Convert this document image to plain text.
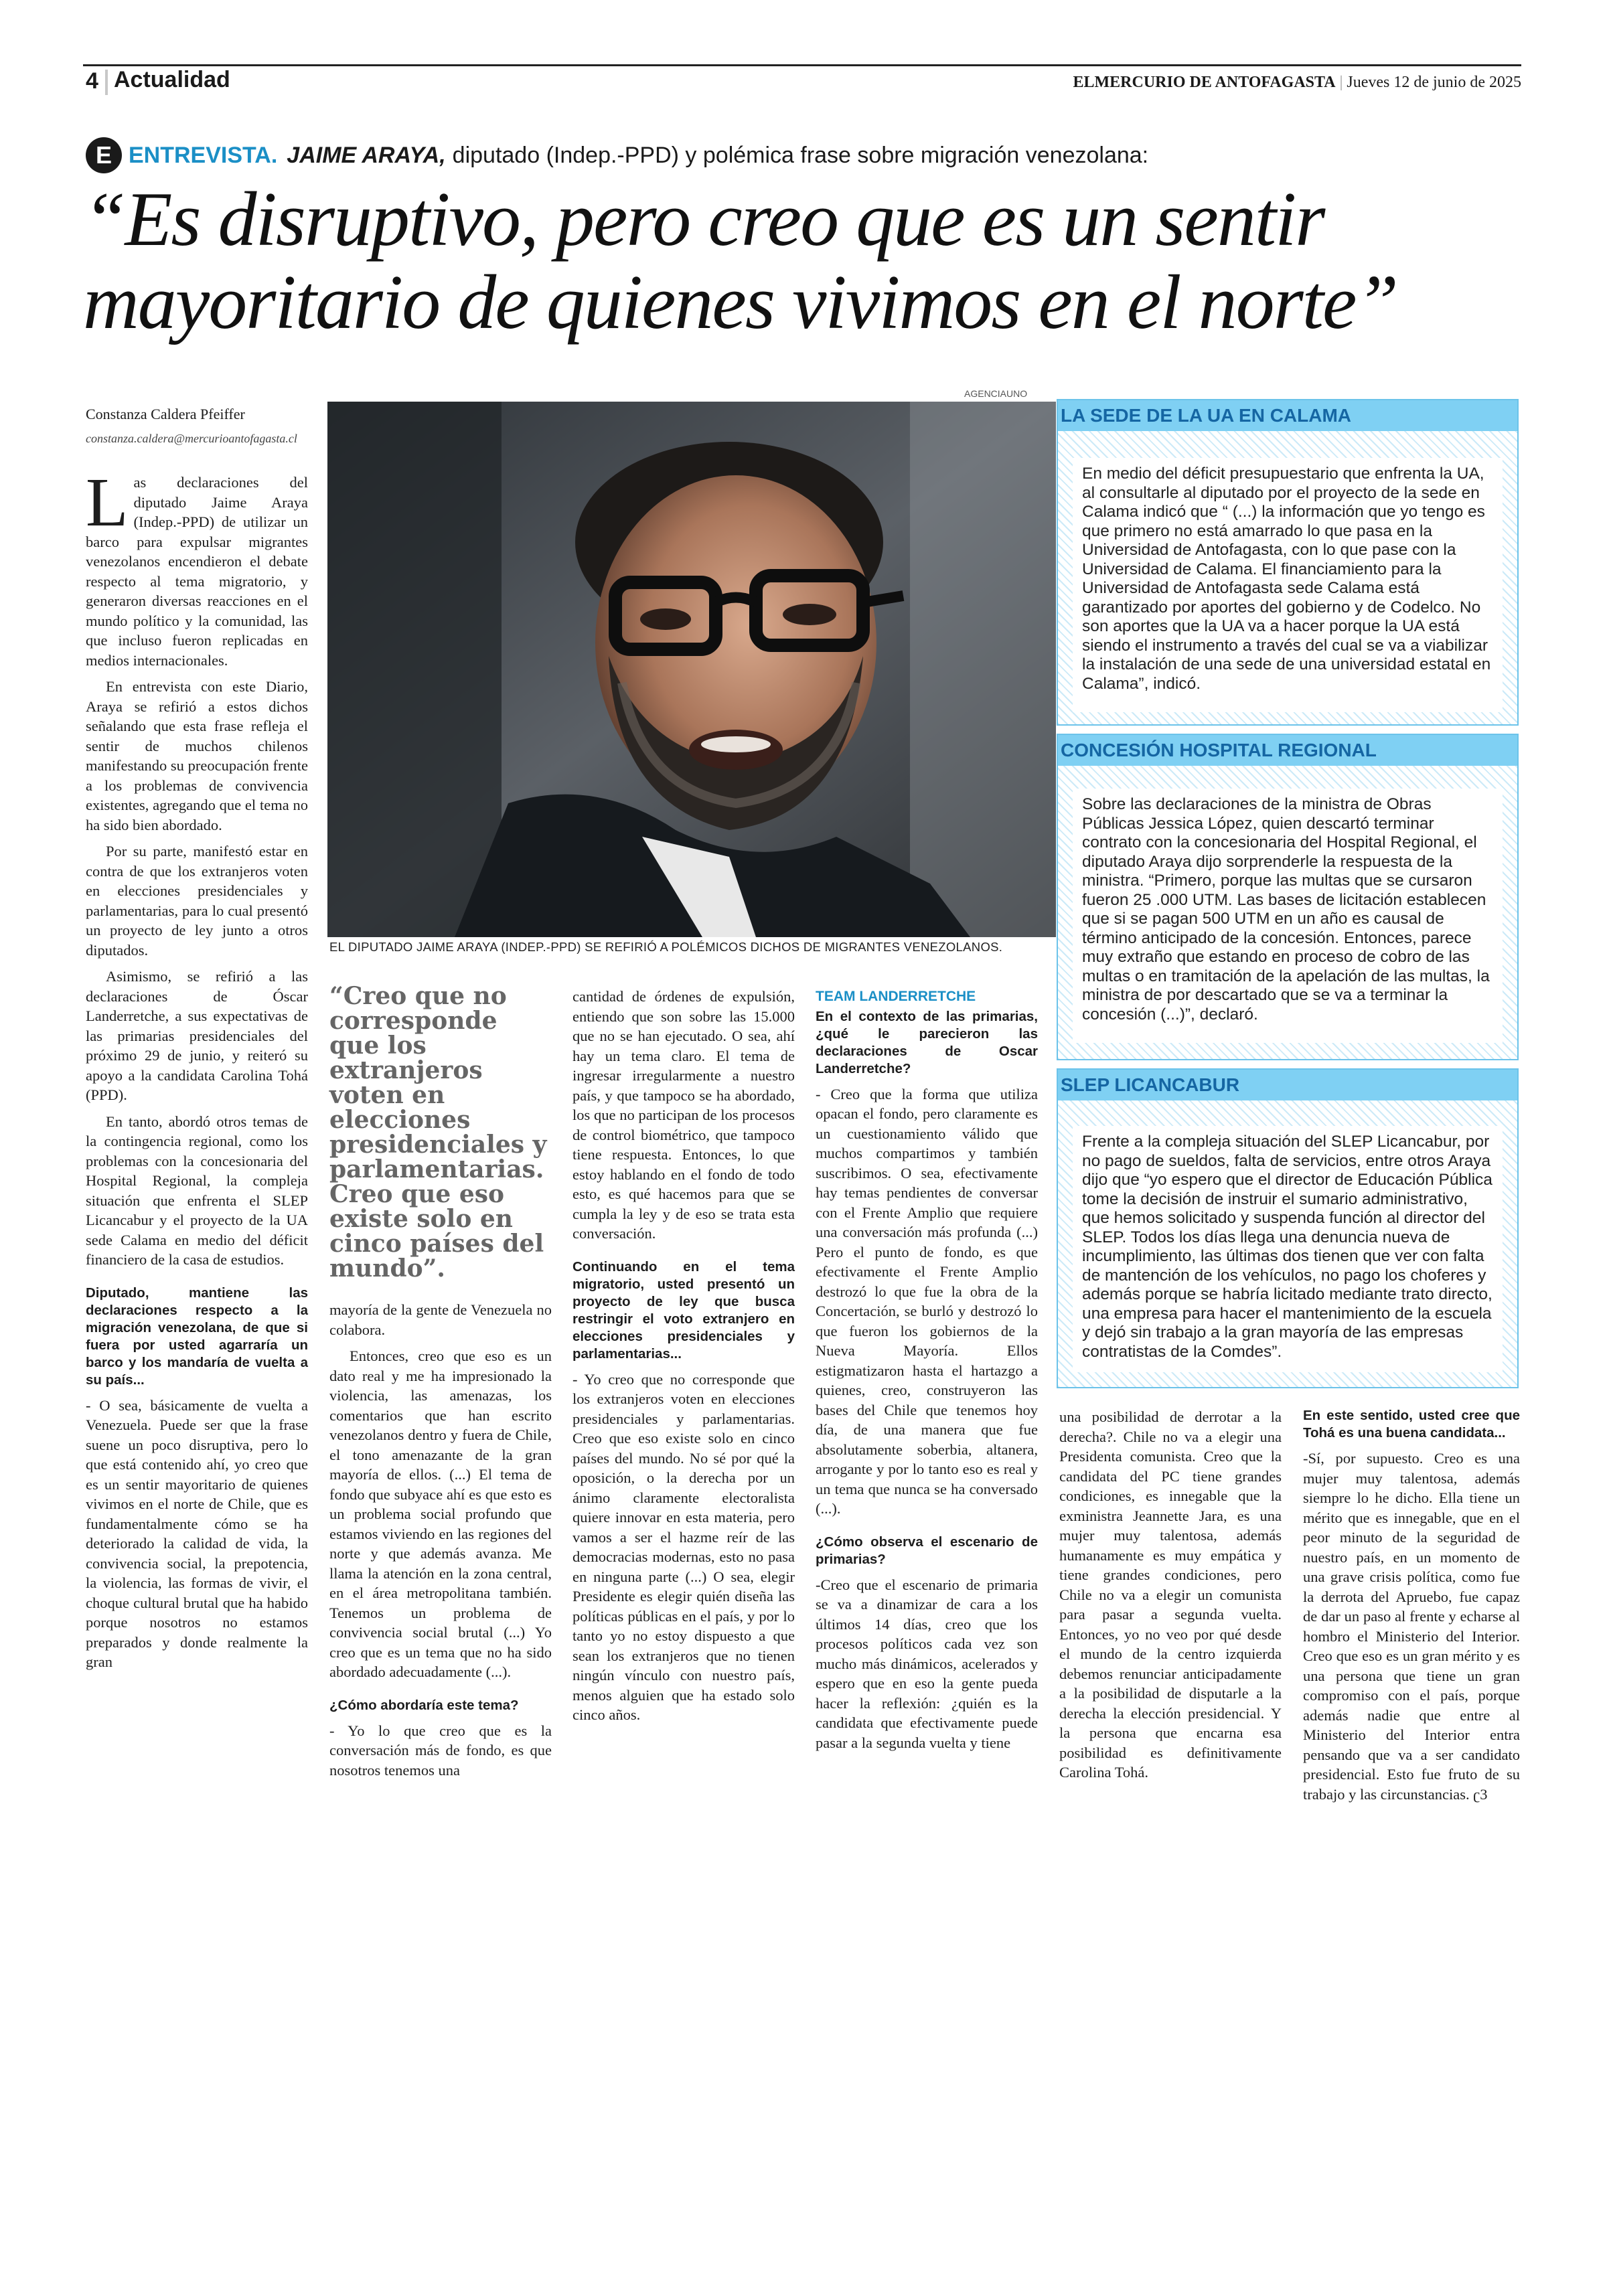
4 Actualidad	ELMERCURIO DE ANTOFAGASTA | Jueves 12 de junio de 2025
E ENTREVISTA. JAIME ARAYA, diputado (Indep.-PPD) y polémica frase sobre migración venezolana:
“Es disruptivo, pero creo que es un sentir mayoritario de quienes vivimos en el norte”
Constanza Caldera Pfeiffer
constanza.caldera@mercurioantofagasta.cl
AGENCIAUNO
EL DIPUTADO JAIME ARAYA (INDEP.-PPD) SE REFIRIÓ A POLÉMICOS DICHOS DE MIGRANTES VENEZOLANOS.
“Creo que no corresponde que los extranjeros voten en elecciones presidenciales y parlamentarias. Creo que eso existe solo en cinco países del mundo”.

Las declaraciones del diputado Jaime Araya (Indep.-PPD) de utilizar un barco para expulsar migrantes venezolanos encendieron el debate respecto al tema migratorio, y generaron diversas reacciones en el mundo político y la comunidad, las que incluso fueron replicadas en medios internacionales.

En entrevista con este Diario, Araya se refirió a estos dichos señalando que esta frase refleja el sentir de muchos chilenos manifestando su preocupación frente a los problemas de convivencia existentes, agregando que el tema no ha sido bien abordado.

Por su parte, manifestó estar en contra de que los extranjeros voten en elecciones presidenciales y parlamentarias, para lo cual presentó un proyecto de ley junto a otros diputados.

Asimismo, se refirió a las declaraciones de Óscar Landerretche, a sus expectativas de las primarias presidenciales del próximo 29 de junio, y reiteró su apoyo a la candidata Carolina Tohá (PPD).

En tanto, abordó otros temas de la contingencia regional, como los problemas con la concesionaria del Hospital Regional, la compleja situación que enfrenta el SLEP Licancabur y el proyecto de la UA sede Calama en medio del déficit financiero de la casa de estudios.

Diputado, mantiene las declaraciones respecto a la migración venezolana, de que si fuera por usted agarraría un barco y los mandaría de vuelta a su país...

- O sea, básicamente de vuelta a Venezuela. Puede ser que la frase suene un poco disruptiva, pero lo que está contenido ahí, yo creo que es un sentir mayoritario de quienes vivimos en el norte de Chile, que es fundamentalmente cómo se ha deteriorado la calidad de vida, la convivencia social, la prepotencia, la violencia, las formas de vivir, el choque cultural brutal que ha habido porque nosotros no estamos preparados y donde realmente la gran

mayoría de la gente de Venezuela no colabora.

Entonces, creo que eso es un dato real y me ha impresionado la violencia, las amenazas, los comentarios que han escrito venezolanos dentro y fuera de Chile, el tono amenazante de la gran mayoría de ellos. (...) El tema de fondo que subyace ahí es que esto es un problema social profundo que estamos viviendo en las regiones del norte y que además avanza. Me llama la atención en la zona central, en el área metropolitana también. Tenemos un problema de convivencia social brutal (...) Yo creo que es un tema que no ha sido abordado adecuadamente (...).

¿Cómo abordaría este tema?

- Yo lo que creo que es la conversación más de fondo, es que nosotros tenemos una

cantidad de órdenes de expulsión, entiendo que son sobre las 15.000 que no se han ejecutado. O sea, ahí hay un tema claro. El tema de ingresar irregularmente a nuestro país, y que tampoco se ha abordado, los que no participan de los procesos de control biométrico, que tampoco tiene respuesta. Entonces, lo que estoy hablando en el fondo de todo esto, es qué hacemos para que se cumpla la ley y de eso se trata esta conversación.

Continuando en el tema migratorio, usted presentó un proyecto de ley que busca restringir el voto extranjero en elecciones presidenciales y parlamentarias...

- Yo creo que no corresponde que los extranjeros voten en elecciones presidenciales y parlamentarias. Creo que eso existe solo en cinco países del mundo. No sé por qué la oposición, o la derecha por un ánimo claramente electoralista quiere innovar en esta materia, pero vamos a ser el hazme reír de las democracias modernas, esto no pasa en ninguna parte (...) O sea, elegir Presidente es elegir quién diseña las políticas públicas en el país, y por lo tanto yo no estoy dispuesto a que sean los extranjeros que no tienen ningún vínculo con nuestro país, menos alguien que ha estado solo cinco años.

TEAM LANDERRETCHE

En el contexto de las primarias, ¿qué le parecieron las declaraciones de Oscar Landerretche?

- Creo que la forma que utiliza opacan el fondo, pero claramente es un cuestionamiento válido que muchos compartimos y también suscribimos. O sea, efectivamente hay temas pendientes de conversar con el Frente Amplio que requiere una conversación más profunda (...) Pero el punto de fondo, es que efectivamente el Frente Amplio destrozó lo que fue la obra de la Concertación, se burló y destrozó lo que fueron los gobiernos de la Nueva Mayoría. Ellos estigmatizaron hasta el hartazgo a quienes, creo, construyeron las bases del Chile que tenemos hoy día, de una manera que fue absolutamente soberbia, altanera, arrogante y por lo tanto eso es real y un tema que nunca se ha conversado (...).

¿Cómo observa el escenario de primarias?

-Creo que el escenario de primaria se va a dinamizar de cara a los últimos 14 días, creo que los procesos políticos cada vez son mucho más dinámicos, acelerados y espero que en eso la gente pueda hacer la reflexión: ¿quién es la candidata que efectivamente puede pasar a la segunda vuelta y tiene

una posibilidad de derrotar a la derecha?. Chile no va a elegir una Presidenta comunista. Creo que la candidata del PC tiene grandes condiciones, es innegable que la exministra Jeannette Jara, es una mujer muy talentosa, además humanamente es muy empática y tiene grandes condiciones, pero Chile no va a elegir un comunista para pasar a segunda vuelta. Entonces, yo no veo por qué desde el mundo de la centro izquierda debemos renunciar anticipadamente a la posibilidad de disputarle a la derecha la elección presidencial. Y la persona que encarna esa posibilidad es definitivamente Carolina Tohá.

En este sentido, usted cree que Tohá es una buena candidata...

-Sí, por supuesto. Creo es una mujer muy talentosa, además siempre lo he dicho. Ella tiene un mérito que es innegable, que en el peor minuto de la seguridad de nuestro país, en un momento de una grave crisis política, como fue la derrota del Apruebo, fue capaz de dar un paso al frente y echarse al hombro el Ministerio del Interior. Creo que eso es un gran mérito y es una persona que tiene un gran compromiso con el país, porque además nadie que entre al Ministerio del Interior entra pensando que va a ser candidato presidencial. Esto fue fruto de su trabajo y las circunstancias. ʗ3

LA SEDE DE LA UA EN CALAMA
En medio del déficit presupuestario que enfrenta la UA, al consultarle al diputado por el proyecto de la sede en Calama indicó que “ (...) la información que yo tengo es que primero no está amarrado lo que pasa en la Universidad de Antofagasta, con lo que pase con la Universidad de Calama. El financiamiento para la Universidad de Antofagasta sede Calama está garantizado por aportes del gobierno y de Codelco. No son aportes que la UA va a hacer porque la UA está siendo el instrumento a través del cual se va a viabilizar la instalación de una sede de una universidad estatal en Calama”, indicó.
CONCESIÓN HOSPITAL REGIONAL
Sobre las declaraciones de la ministra de Obras Públicas Jessica López, quien descartó terminar contrato con la concesionaria del Hospital Regional, el diputado Araya dijo sorprenderle la respuesta de la ministra. “Primero, porque las multas que se cursaron fueron 25 .000 UTM. Las bases de licitación establecen que si se pagan 500 UTM en un año es causal de término anticipado de la concesión. Entonces, parece muy extraño que estando en proceso de cobro de las multas o en tramitación de la apelación de las multas, la ministra de por descartado que se va a terminar la concesión (...)”, declaró.
SLEP LICANCABUR
Frente a la compleja situación del SLEP Licancabur, por no pago de sueldos, falta de servicios, entre otros Araya dijo que “yo espero que el director de Educación Pública tome la decisión de instruir el sumario administrativo, que hemos solicitado y suspenda función al director del SLEP. Todos los días llega una denuncia nueva de incumplimiento, las últimas dos tienen que ver con falta de mantención de los vehículos, no pago los choferes y además porque se habría licitado mediante trato directo, una empresa para hacer el mantenimiento de la escuela y dejó sin trabajo a la gran mayoría de las empresas contratistas de la Comdes”.
